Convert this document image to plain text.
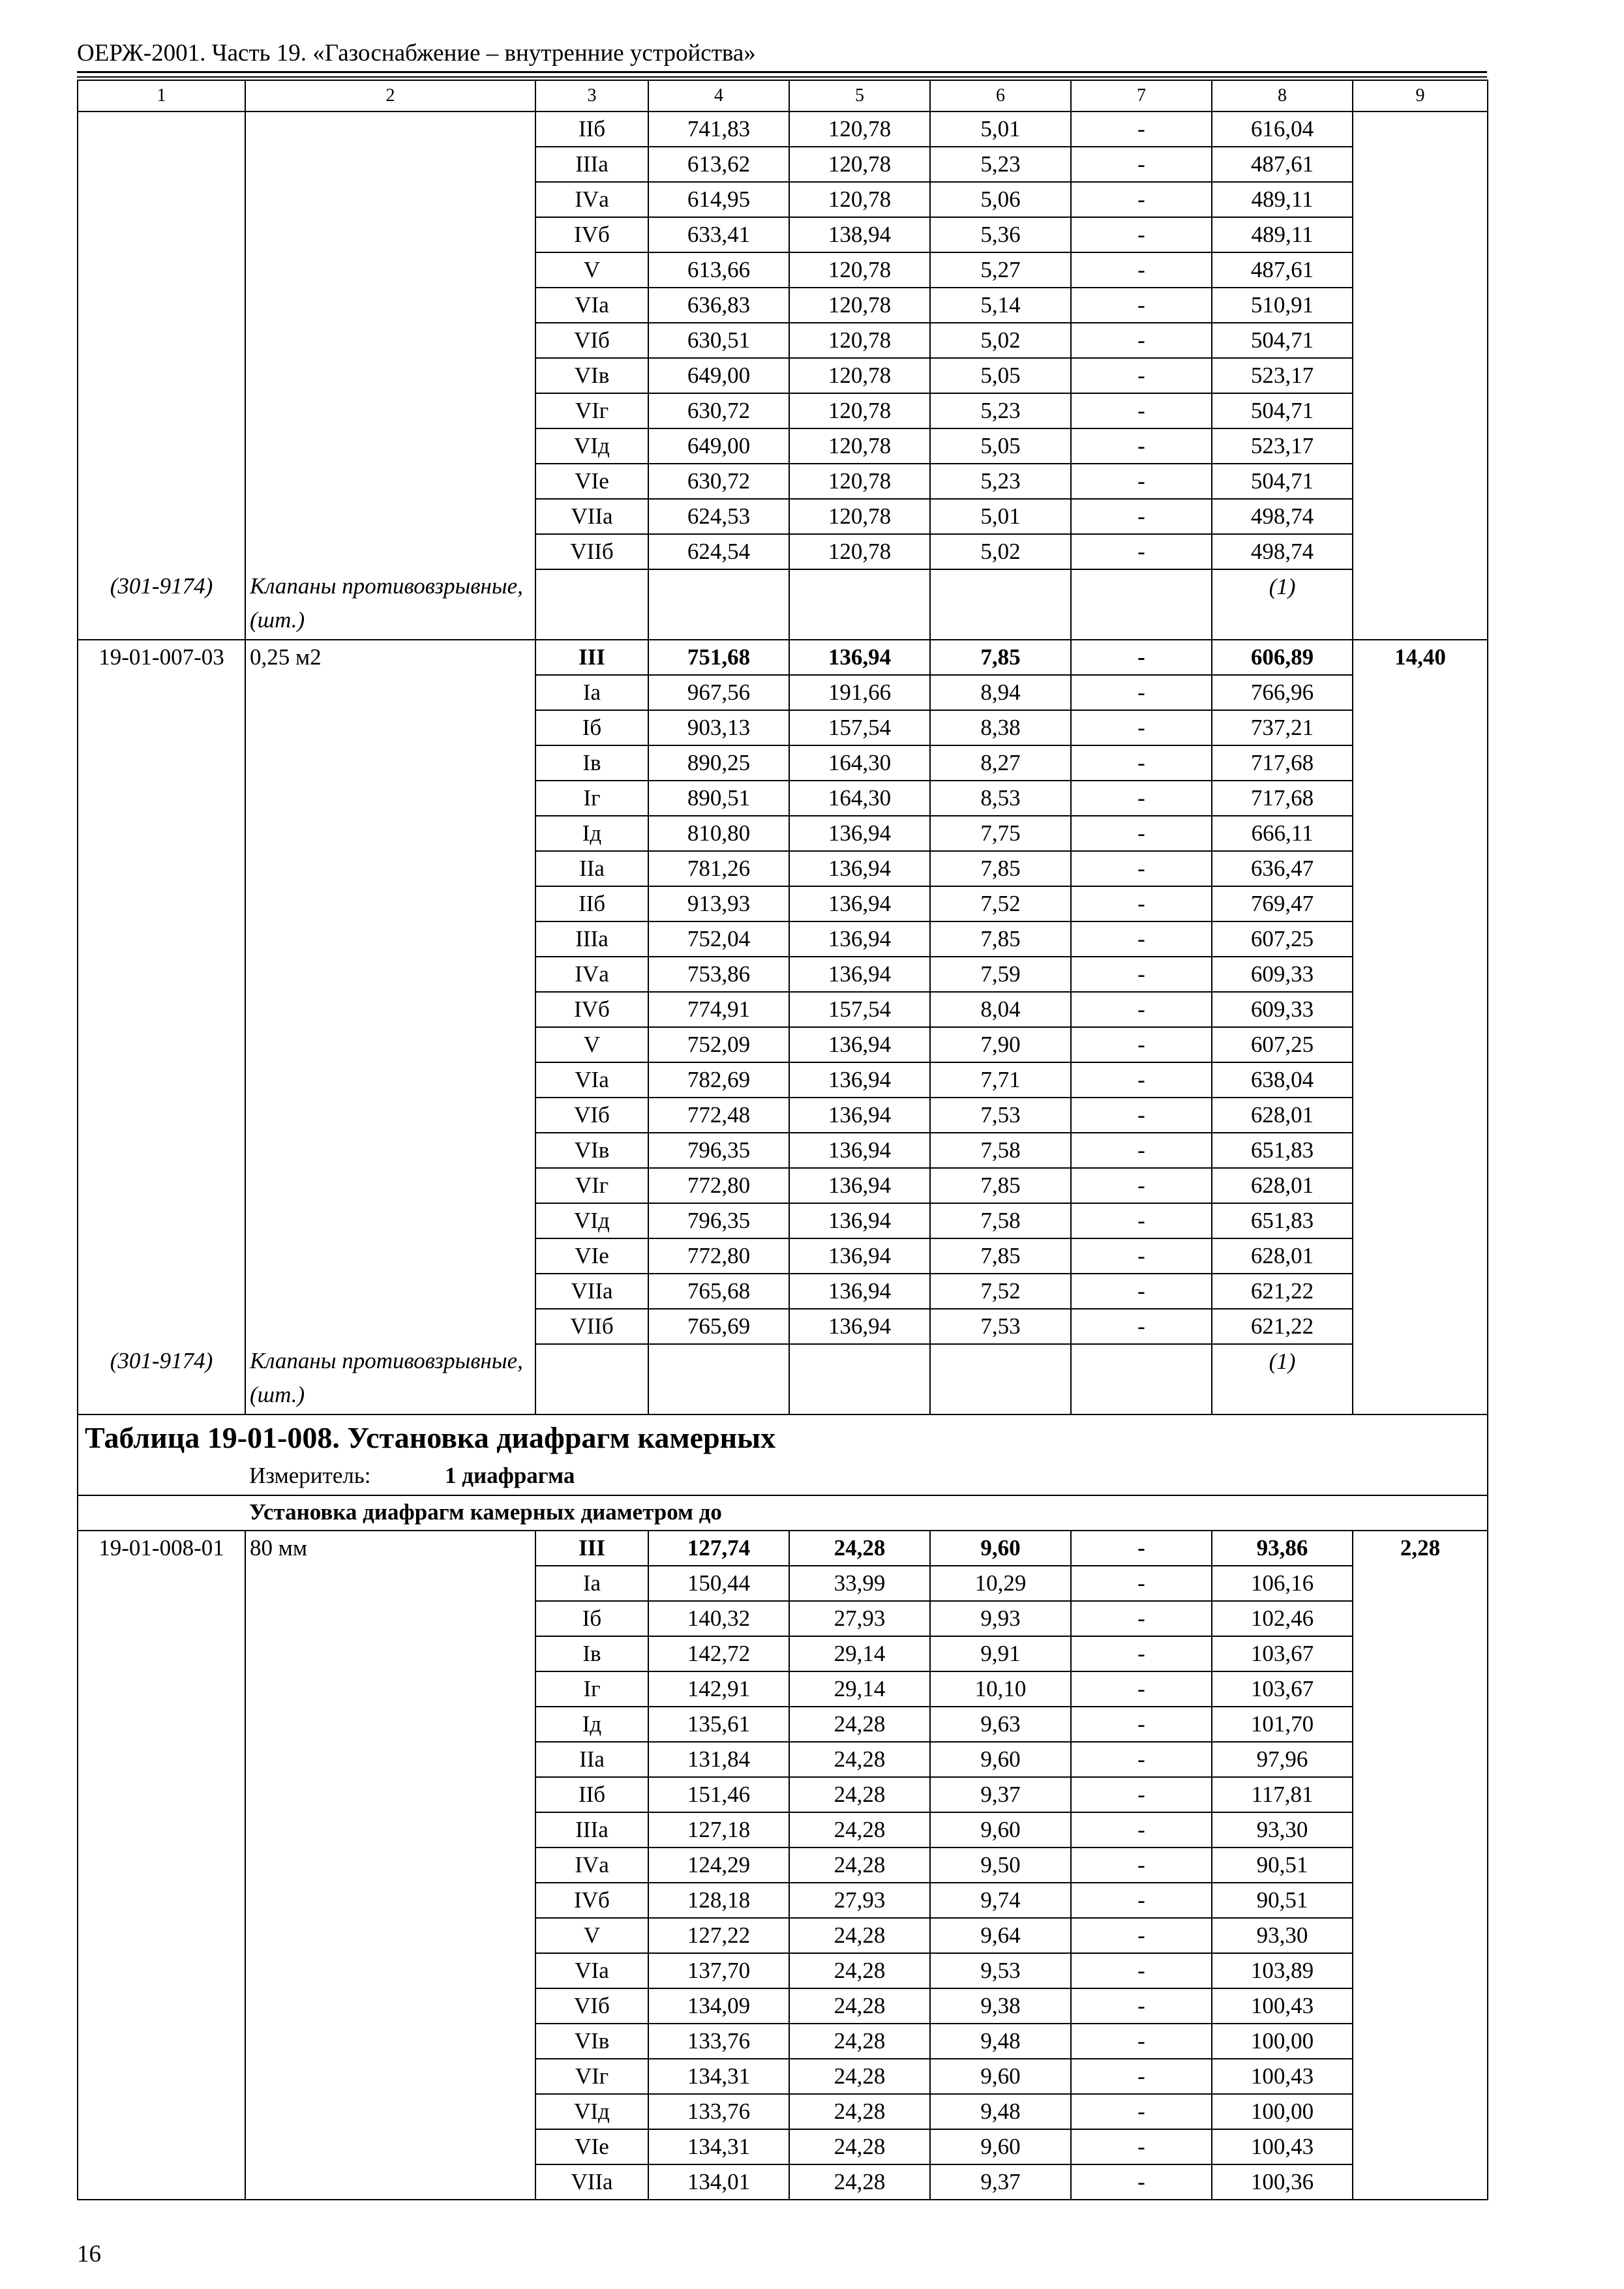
ОЕРЖ-2001. Часть 19. «Газоснабжение – внутренние устройства»
1	2	3	4	5	6	7	8	9
		IIб	741,83	120,78	5,01	-	616,04	
		IIIа	613,62	120,78	5,23	-	487,61	
		IVа	614,95	120,78	5,06	-	489,11	
		IVб	633,41	138,94	5,36	-	489,11	
		V	613,66	120,78	5,27	-	487,61	
		VIа	636,83	120,78	5,14	-	510,91	
		VIб	630,51	120,78	5,02	-	504,71	
		VIв	649,00	120,78	5,05	-	523,17	
		VIг	630,72	120,78	5,23	-	504,71	
		VIд	649,00	120,78	5,05	-	523,17	
		VIе	630,72	120,78	5,23	-	504,71	
		VIIа	624,53	120,78	5,01	-	498,74	
		VIIб	624,54	120,78	5,02	-	498,74	
(301-9174)	Клапаны противовзрывные, (шт.)						(1)	
19-01-007-03	0,25 м2	III	751,68	136,94	7,85	-	606,89	14,40
		Iа	967,56	191,66	8,94	-	766,96	
		Iб	903,13	157,54	8,38	-	737,21	
		Iв	890,25	164,30	8,27	-	717,68	
		Iг	890,51	164,30	8,53	-	717,68	
		Iд	810,80	136,94	7,75	-	666,11	
		IIа	781,26	136,94	7,85	-	636,47	
		IIб	913,93	136,94	7,52	-	769,47	
		IIIа	752,04	136,94	7,85	-	607,25	
		IVа	753,86	136,94	7,59	-	609,33	
		IVб	774,91	157,54	8,04	-	609,33	
		V	752,09	136,94	7,90	-	607,25	
		VIа	782,69	136,94	7,71	-	638,04	
		VIб	772,48	136,94	7,53	-	628,01	
		VIв	796,35	136,94	7,58	-	651,83	
		VIг	772,80	136,94	7,85	-	628,01	
		VIд	796,35	136,94	7,58	-	651,83	
		VIе	772,80	136,94	7,85	-	628,01	
		VIIа	765,68	136,94	7,52	-	621,22	
		VIIб	765,69	136,94	7,53	-	621,22	
(301-9174)	Клапаны противовзрывные, (шт.)						(1)	
Таблица 19-01-008. Установка диафрагм камерных								
	Измеритель: 1 диафрагма							
	Установка диафрагм камерных диаметром до							
19-01-008-01	80 мм	III	127,74	24,28	9,60	-	93,86	2,28
		Iа	150,44	33,99	10,29	-	106,16	
		Iб	140,32	27,93	9,93	-	102,46	
		Iв	142,72	29,14	9,91	-	103,67	
		Iг	142,91	29,14	10,10	-	103,67	
		Iд	135,61	24,28	9,63	-	101,70	
		IIа	131,84	24,28	9,60	-	97,96	
		IIб	151,46	24,28	9,37	-	117,81	
		IIIа	127,18	24,28	9,60	-	93,30	
		IVа	124,29	24,28	9,50	-	90,51	
		IVб	128,18	27,93	9,74	-	90,51	
		V	127,22	24,28	9,64	-	93,30	
		VIа	137,70	24,28	9,53	-	103,89	
		VIб	134,09	24,28	9,38	-	100,43	
		VIв	133,76	24,28	9,48	-	100,00	
		VIг	134,31	24,28	9,60	-	100,43	
		VIд	133,76	24,28	9,48	-	100,00	
		VIе	134,31	24,28	9,60	-	100,43	
		VIIа	134,01	24,28	9,37	-	100,36	
16
